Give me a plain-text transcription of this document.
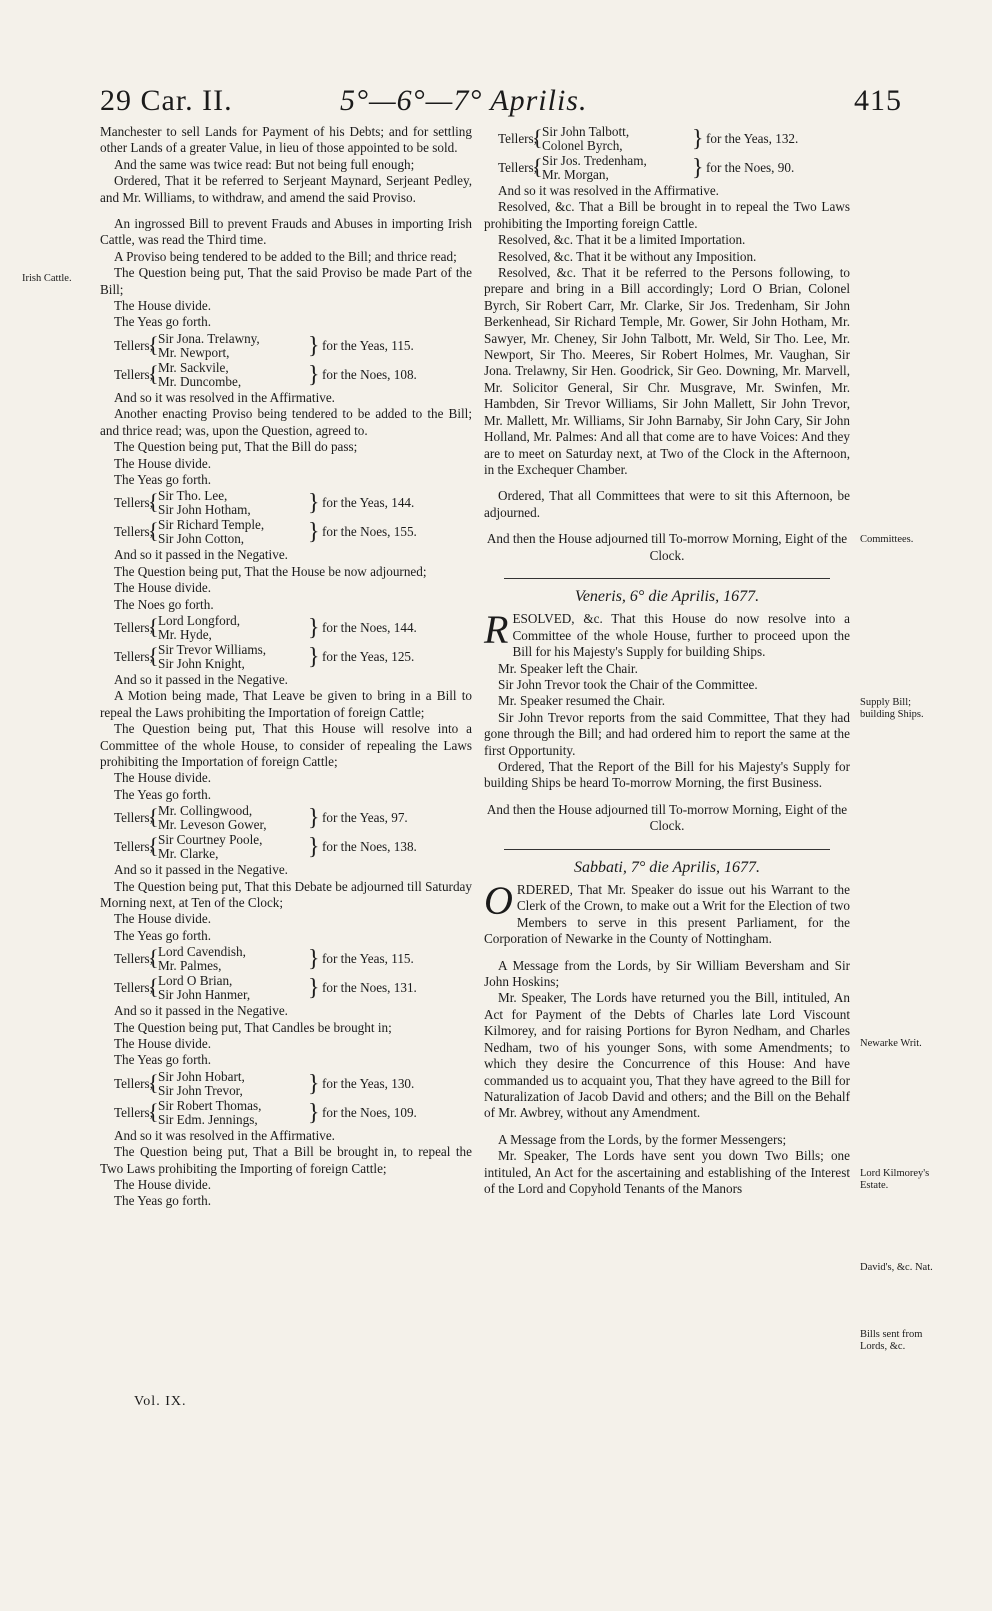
29 Car. II.	5°—6°—7° Aprilis.	415
Irish Cattle.
Committees.
Supply Bill; building Ships.
Newarke Writ.
Lord Kilmorey's Estate.
David's, &c. Nat.
Bills sent from Lords, &c.

Manchester to sell Lands for Payment of his Debts; and for settling other Lands of a greater Value, in lieu of those appointed to be sold.

And the same was twice read: But not being full enough;

Ordered, That it be referred to Serjeant Maynard, Serjeant Pedley, and Mr. Williams, to withdraw, and amend the said Proviso.

An ingrossed Bill to prevent Frauds and Abuses in importing Irish Cattle, was read the Third time.

A Proviso being tendered to be added to the Bill; and thrice read;

The Question being put, That the said Proviso be made Part of the Bill;

The House divide.

The Yeas go forth.

Tellers, { Sir Jona. Trelawny,
Mr. Newport,	} for the Yeas, 115.
Tellers, { Mr. Sackvile,
Mr. Duncombe,	} for the Noes, 108.

And so it was resolved in the Affirmative.

Another enacting Proviso being tendered to be added to the Bill; and thrice read; was, upon the Question, agreed to.

The Question being put, That the Bill do pass;

The House divide.

The Yeas go forth.

Tellers, { Sir Tho. Lee,
Sir John Hotham,	} for the Yeas, 144.
Tellers, { Sir Richard Temple,
Sir John Cotton,	} for the Noes, 155.

And so it passed in the Negative.

The Question being put, That the House be now adjourned;

The House divide.

The Noes go forth.

Tellers, { Lord Longford,
Mr. Hyde,	} for the Noes, 144.
Tellers, { Sir Trevor Williams,
Sir John Knight,	} for the Yeas, 125.

And so it passed in the Negative.

A Motion being made, That Leave be given to bring in a Bill to repeal the Laws prohibiting the Importation of foreign Cattle;

The Question being put, That this House will resolve into a Committee of the whole House, to consider of repealing the Laws prohibiting the Importation of foreign Cattle;

The House divide.

The Yeas go forth.

Tellers, { Mr. Collingwood,
Mr. Leveson Gower,	} for the Yeas, 97.
Tellers, { Sir Courtney Poole,
Mr. Clarke,	} for the Noes, 138.

And so it passed in the Negative.

The Question being put, That this Debate be adjourned till Saturday Morning next, at Ten of the Clock;

The House divide.

The Yeas go forth.

Tellers, { Lord Cavendish,
Mr. Palmes,	} for the Yeas, 115.
Tellers, { Lord O Brian,
Sir John Hanmer,	} for the Noes, 131.

And so it passed in the Negative.

The Question being put, That Candles be brought in;

The House divide.

The Yeas go forth.

Tellers, { Sir John Hobart,
Sir John Trevor,	} for the Yeas, 130.
Tellers, { Sir Robert Thomas,
Sir Edm. Jennings,	} for the Noes, 109.

And so it was resolved in the Affirmative.

The Question being put, That a Bill be brought in, to repeal the Two Laws prohibiting the Importing of foreign Cattle;

The House divide.

The Yeas go forth.

Tellers, { Sir John Talbott,
Colonel Byrch,	} for the Yeas, 132.
Tellers, { Sir Jos. Tredenham,
Mr. Morgan,	} for the Noes, 90.

And so it was resolved in the Affirmative.

Resolved, &c. That a Bill be brought in to repeal the Two Laws prohibiting the Importing foreign Cattle.

Resolved, &c. That it be a limited Importation.

Resolved, &c. That it be without any Imposition.

Resolved, &c. That it be referred to the Persons following, to prepare and bring in a Bill accordingly; Lord O Brian, Colonel Byrch, Sir Robert Carr, Mr. Clarke, Sir Jos. Tredenham, Sir John Berkenhead, Sir Richard Temple, Mr. Gower, Sir John Hotham, Mr. Sawyer, Mr. Cheney, Sir John Talbott, Mr. Weld, Sir Tho. Lee, Mr. Newport, Sir Tho. Meeres, Sir Robert Holmes, Mr. Vaughan, Sir Jona. Trelawny, Sir Hen. Goodrick, Sir Geo. Downing, Mr. Marvell, Mr. Solicitor General, Sir Chr. Musgrave, Mr. Swinfen, Mr. Hambden, Sir Trevor Williams, Sir John Mallett, Sir John Trevor, Mr. Mallett, Mr. Williams, Sir John Barnaby, Sir John Cary, Sir John Holland, Mr. Palmes: And all that come are to have Voices: And they are to meet on Saturday next, at Two of the Clock in the Afternoon, in the Exchequer Chamber.

Ordered, That all Committees that were to sit this Afternoon, be adjourned.

And then the House adjourned till To-morrow Morning, Eight of the Clock.

Veneris, 6° die Aprilis, 1677.

RESOLVED, &c. That this House do now resolve into a Committee of the whole House, further to proceed upon the Bill for his Majesty's Supply for building Ships.

Mr. Speaker left the Chair.

Sir John Trevor took the Chair of the Committee.

Mr. Speaker resumed the Chair.

Sir John Trevor reports from the said Committee, That they had gone through the Bill; and had ordered him to report the same at the first Opportunity.

Ordered, That the Report of the Bill for his Majesty's Supply for building Ships be heard To-morrow Morning, the first Business.

And then the House adjourned till To-morrow Morning, Eight of the Clock.

Sabbati, 7° die Aprilis, 1677.

ORDERED, That Mr. Speaker do issue out his Warrant to the Clerk of the Crown, to make out a Writ for the Election of two Members to serve in this present Parliament, for the Corporation of Newarke in the County of Nottingham.

A Message from the Lords, by Sir William Beversham and Sir John Hoskins;

Mr. Speaker, The Lords have returned you the Bill, intituled, An Act for Payment of the Debts of Charles late Lord Viscount Kilmorey, and for raising Portions for Byron Nedham, and Charles Nedham, two of his younger Sons, with some Amendments; to which they desire the Concurrence of this House: And have commanded us to acquaint you, That they have agreed to the Bill for Naturalization of Jacob David and others; and the Bill on the Behalf of Mr. Awbrey, without any Amendment.

A Message from the Lords, by the former Messengers;

Mr. Speaker, The Lords have sent you down Two Bills; one intituled, An Act for the ascertaining and establishing of the Interest of the Lord and Copyhold Tenants of the Manors

Vol. IX.
